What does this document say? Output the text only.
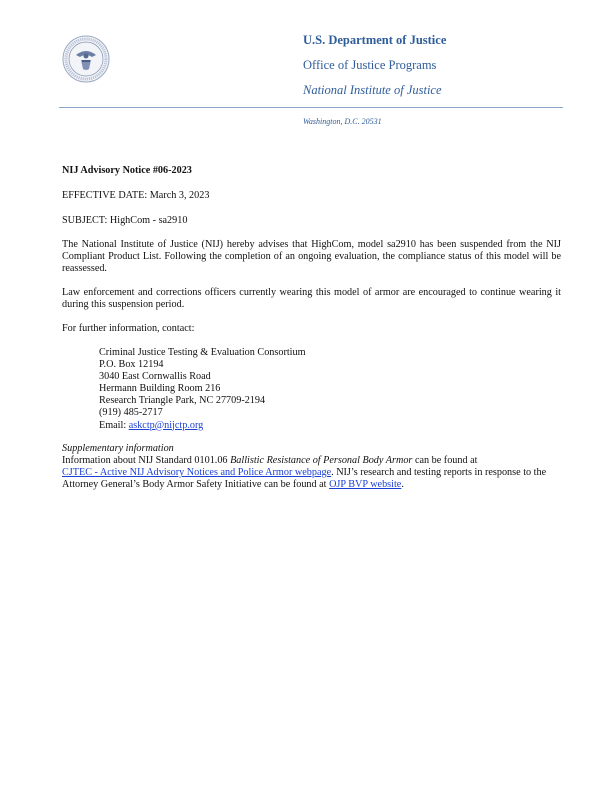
U.S. Department of Justice
Office of Justice Programs
National Institute of Justice
Washington, D.C. 20531
NIJ Advisory Notice #06-2023
EFFECTIVE DATE: March 3, 2023
SUBJECT: HighCom - sa2910
The National Institute of Justice (NIJ) hereby advises that HighCom, model sa2910 has been suspended from the NIJ Compliant Product List. Following the completion of an ongoing evaluation, the compliance status of this model will be reassessed.
Law enforcement and corrections officers currently wearing this model of armor are encouraged to continue wearing it during this suspension period.
For further information, contact:
Criminal Justice Testing & Evaluation Consortium
P.O. Box 12194
3040 East Cornwallis Road
Hermann Building Room 216
Research Triangle Park, NC 27709-2194
(919) 485-2717
Email: askctp@nijctp.org
Supplementary information
Information about NIJ Standard 0101.06 Ballistic Resistance of Personal Body Armor can be found at
CJTEC - Active NIJ Advisory Notices and Police Armor webpage. NIJ’s research and testing reports in response to the Attorney General’s Body Armor Safety Initiative can be found at OJP BVP website.
